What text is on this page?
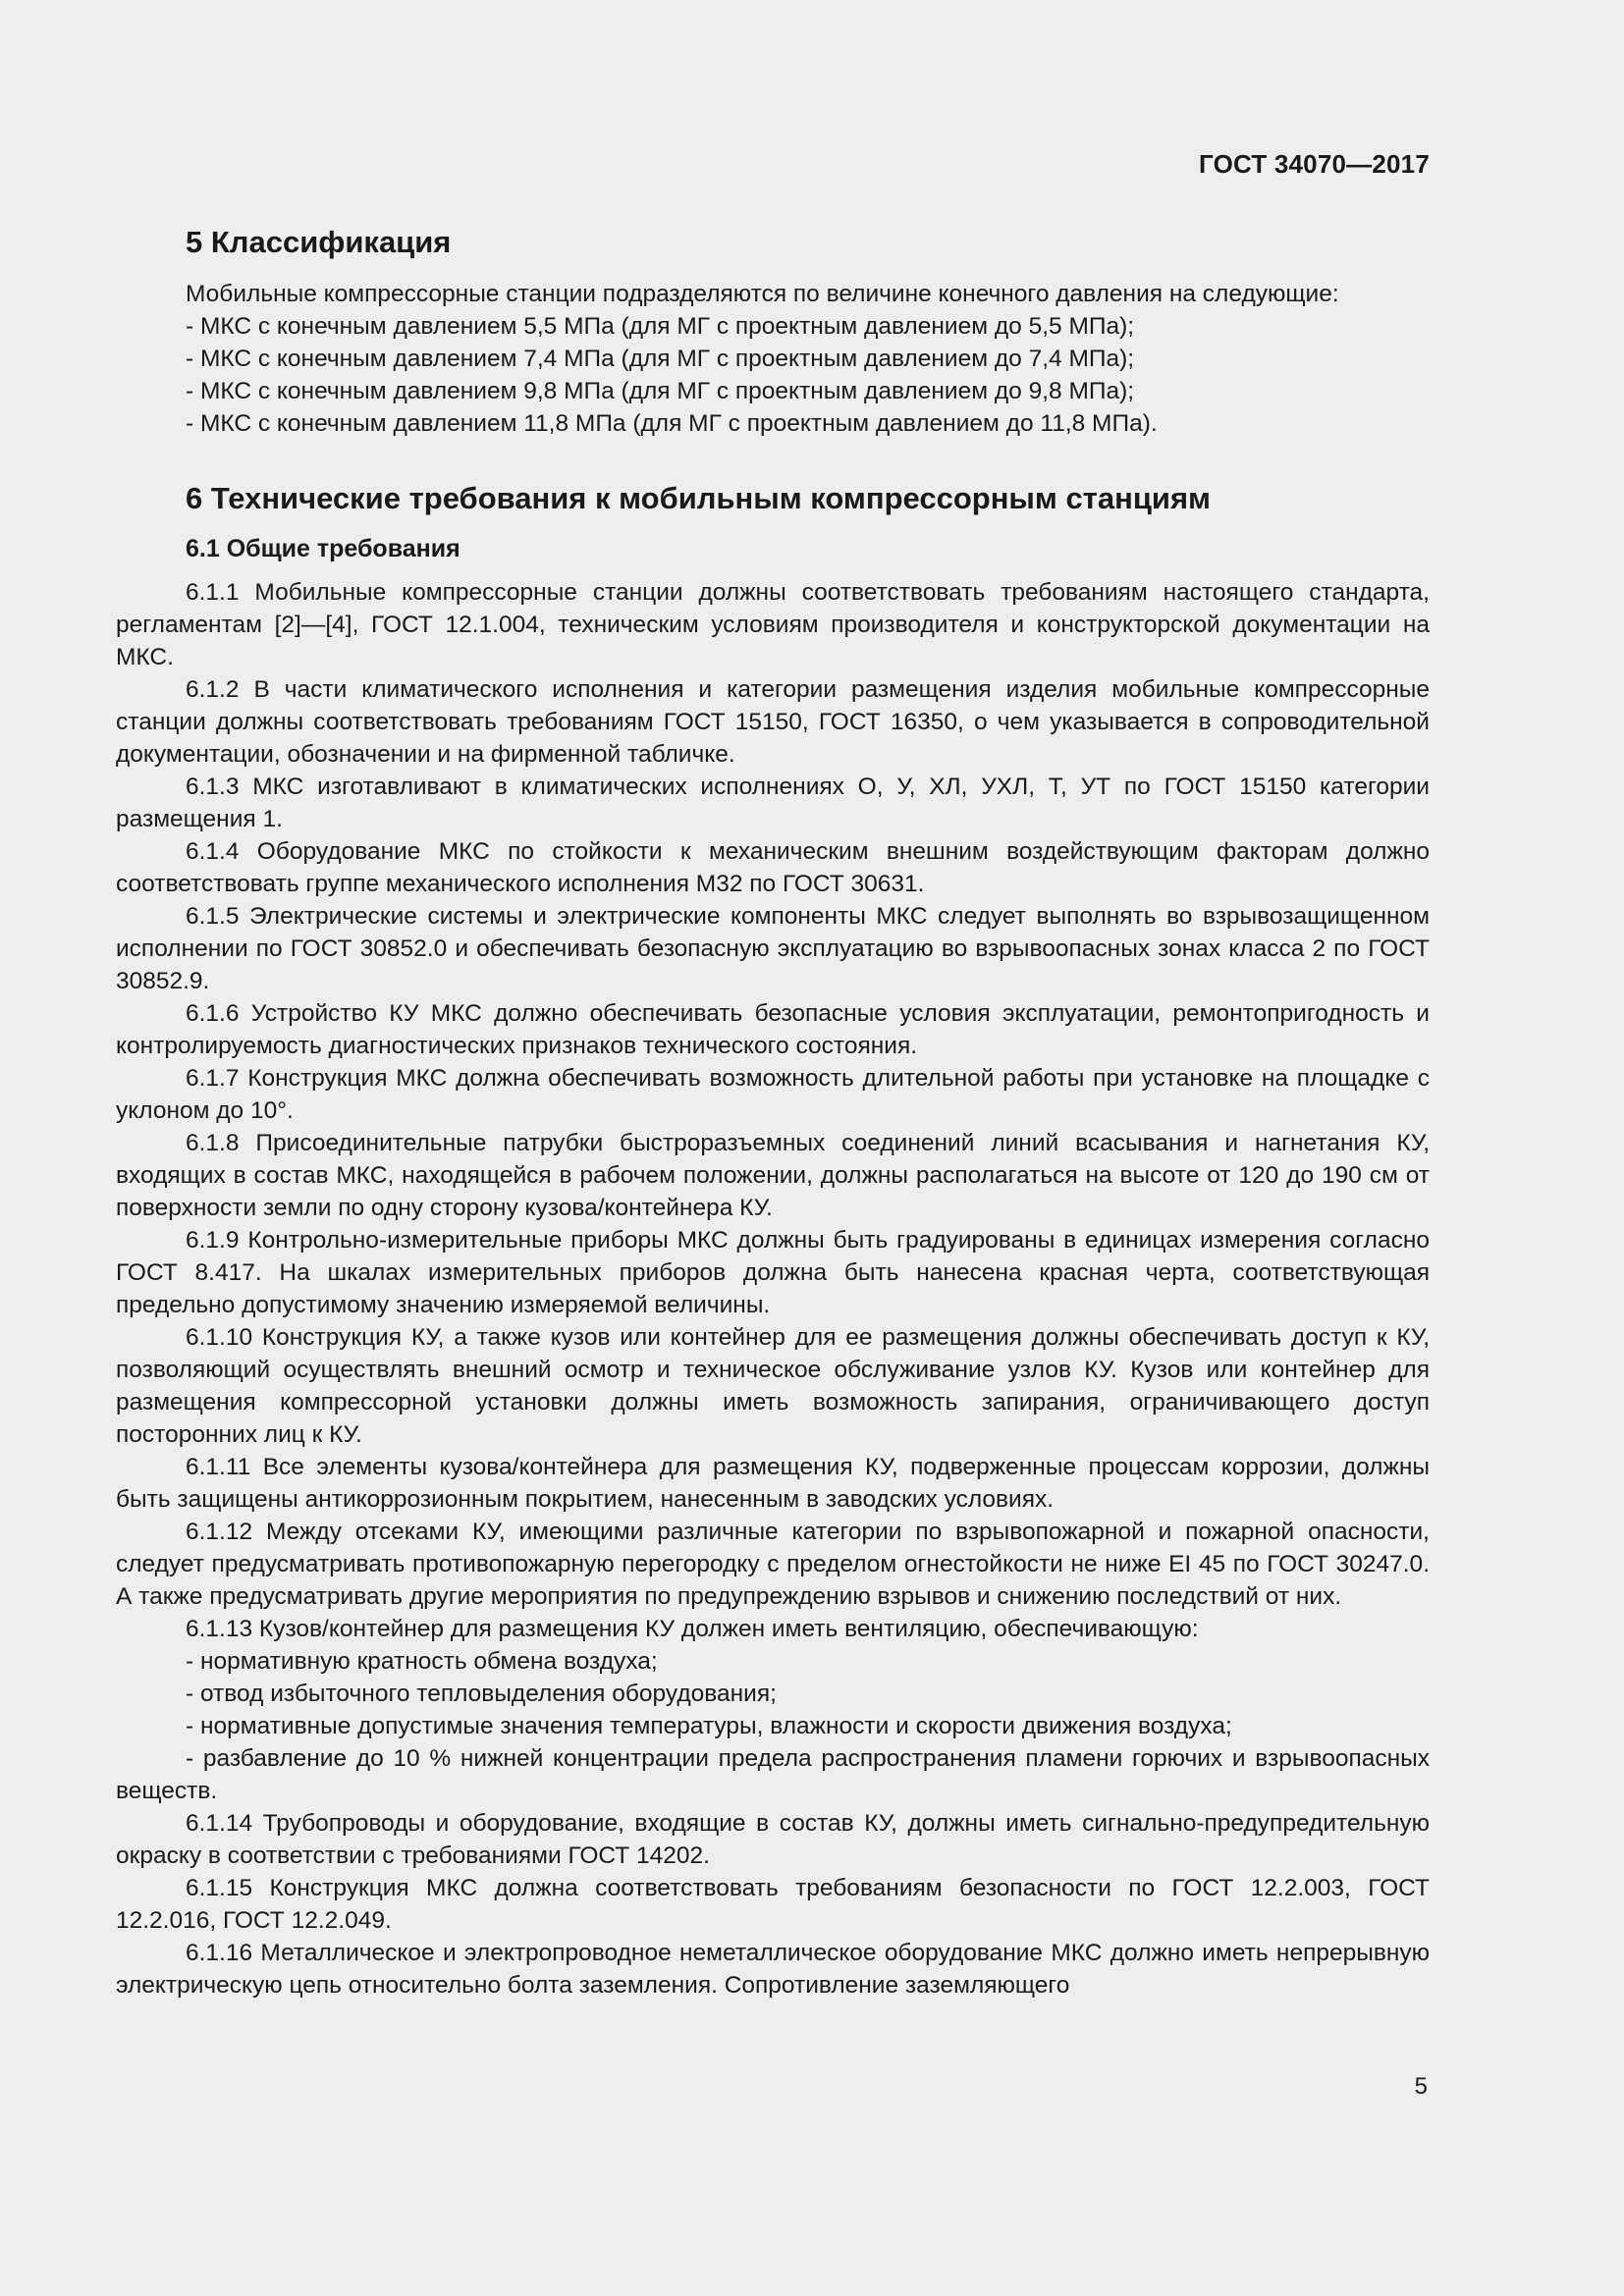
ГОСТ 34070—2017
5 Классификация
Мобильные компрессорные станции подразделяются по величине конечного давления на следующие:
- МКС с конечным давлением 5,5 МПа (для МГ с проектным давлением до 5,5 МПа);
- МКС с конечным давлением 7,4 МПа (для МГ с проектным давлением до 7,4 МПа);
- МКС с конечным давлением 9,8 МПа (для МГ с проектным давлением до 9,8 МПа);
- МКС с конечным давлением 11,8 МПа (для МГ с проектным давлением до 11,8 МПа).
6 Технические требования к мобильным компрессорным станциям
6.1 Общие требования

6.1.1 Мобильные компрессорные станции должны соответствовать требованиям настоящего стандарта, регламентам [2]—[4], ГОСТ 12.1.004, техническим условиям производителя и конструкторской документации на МКС.

6.1.2 В части климатического исполнения и категории размещения изделия мобильные компрессорные станции должны соответствовать требованиям ГОСТ 15150, ГОСТ 16350, о чем указывается в сопроводительной документации, обозначении и на фирменной табличке.

6.1.3 МКС изготавливают в климатических исполнениях О, У, ХЛ, УХЛ, Т, УТ по ГОСТ 15150 категории размещения 1.

6.1.4 Оборудование МКС по стойкости к механическим внешним воздействующим факторам должно соответствовать группе механического исполнения М32 по ГОСТ 30631.

6.1.5 Электрические системы и электрические компоненты МКС следует выполнять во взрывозащищенном исполнении по ГОСТ 30852.0 и обеспечивать безопасную эксплуатацию во взрывоопасных зонах класса 2 по ГОСТ 30852.9.

6.1.6 Устройство КУ МКС должно обеспечивать безопасные условия эксплуатации, ремонтопригодность и контролируемость диагностических признаков технического состояния.

6.1.7 Конструкция МКС должна обеспечивать возможность длительной работы при установке на площадке с уклоном до 10°.

6.1.8 Присоединительные патрубки быстроразъемных соединений линий всасывания и нагнетания КУ, входящих в состав МКС, находящейся в рабочем положении, должны располагаться на высоте от 120 до 190 см от поверхности земли по одну сторону кузова/контейнера КУ.

6.1.9 Контрольно-измерительные приборы МКС должны быть градуированы в единицах измерения согласно ГОСТ 8.417. На шкалах измерительных приборов должна быть нанесена красная черта, соответствующая предельно допустимому значению измеряемой величины.

6.1.10 Конструкция КУ, а также кузов или контейнер для ее размещения должны обеспечивать доступ к КУ, позволяющий осуществлять внешний осмотр и техническое обслуживание узлов КУ. Кузов или контейнер для размещения компрессорной установки должны иметь возможность запирания, ограничивающего доступ посторонних лиц к КУ.

6.1.11 Все элементы кузова/контейнера для размещения КУ, подверженные процессам коррозии, должны быть защищены антикоррозионным покрытием, нанесенным в заводских условиях.

6.1.12 Между отсеками КУ, имеющими различные категории по взрывопожарной и пожарной опасности, следует предусматривать противопожарную перегородку с пределом огнестойкости не ниже EI 45 по ГОСТ 30247.0. А также предусматривать другие мероприятия по предупреждению взрывов и снижению последствий от них.

6.1.13 Кузов/контейнер для размещения КУ должен иметь вентиляцию, обеспечивающую:

- нормативную кратность обмена воздуха;

- отвод избыточного тепловыделения оборудования;

- нормативные допустимые значения температуры, влажности и скорости движения воздуха;

- разбавление до 10 % нижней концентрации предела распространения пламени горючих и взрывоопасных веществ.

6.1.14 Трубопроводы и оборудование, входящие в состав КУ, должны иметь сигнально-предупредительную окраску в соответствии с требованиями ГОСТ 14202.

6.1.15 Конструкция МКС должна соответствовать требованиям безопасности по ГОСТ 12.2.003, ГОСТ 12.2.016, ГОСТ 12.2.049.

6.1.16 Металлическое и электропроводное неметаллическое оборудование МКС должно иметь непрерывную электрическую цепь относительно болта заземления. Сопротивление заземляющего

5
